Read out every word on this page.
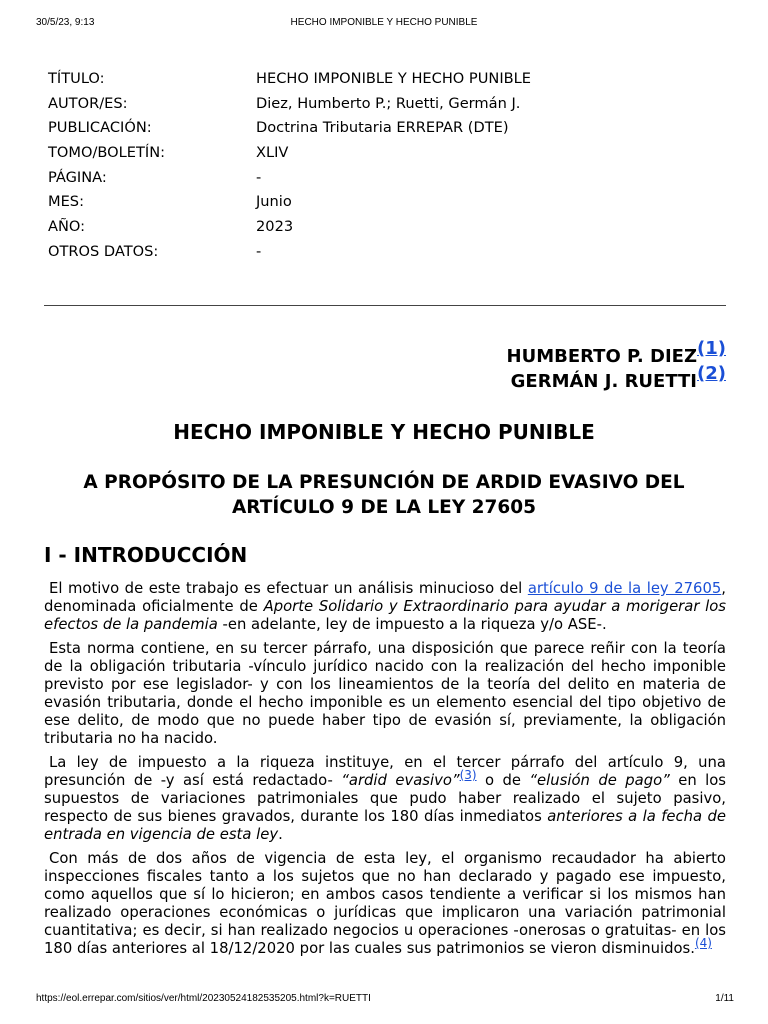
30/5/23, 9:13	HECHO IMPONIBLE Y HECHO PUNIBLE
TÍTULO:	HECHO IMPONIBLE Y HECHO PUNIBLE
AUTOR/ES:	Diez, Humberto P.; Ruetti, Germán J.
PUBLICACIÓN:	Doctrina Tributaria ERREPAR (DTE)
TOMO/BOLETÍN:	XLIV
PÁGINA:	-
MES:	Junio
AÑO:	2023
OTROS DATOS:	-
HUMBERTO P. DIEZ(1)
GERMÁN J. RUETTI(2)
HECHO IMPONIBLE Y HECHO PUNIBLE
A PROPÓSITO DE LA PRESUNCIÓN DE ARDID EVASIVO DEL ARTÍCULO 9 DE LA LEY 27605
I - INTRODUCCIÓN

El motivo de este trabajo es efectuar un análisis minucioso del artículo 9 de la ley 27605, denominada oficialmente de Aporte Solidario y Extraordinario para ayudar a morigerar los efectos de la pandemia -en adelante, ley de impuesto a la riqueza y/o ASE-.

Esta norma contiene, en su tercer párrafo, una disposición que parece reñir con la teoría de la obligación tributaria -vínculo jurídico nacido con la realización del hecho imponible previsto por ese legislador- y con los lineamientos de la teoría del delito en materia de evasión tributaria, donde el hecho imponible es un elemento esencial del tipo objetivo de ese delito, de modo que no puede haber tipo de evasión sí, previamente, la obligación tributaria no ha nacido.

La ley de impuesto a la riqueza instituye, en el tercer párrafo del artículo 9, una presunción de -y así está redactado- “ardid evasivo”$^{(3)}$ o de “elusión de pago” en los supuestos de variaciones patrimoniales que pudo haber realizado el sujeto pasivo, respecto de sus bienes gravados, durante los 180 días inmediatos anteriores a la fecha de entrada en vigencia de esta ley.

Con más de dos años de vigencia de esta ley, el organismo recaudador ha abierto inspecciones fiscales tanto a los sujetos que no han declarado y pagado ese impuesto, como aquellos que sí lo hicieron; en ambos casos tendiente a verificar si los mismos han realizado operaciones económicas o jurídicas que implicaron una variación patrimonial cuantitativa; es decir, si han realizado negocios u operaciones -onerosas o gratuitas- en los 180 días anteriores al 18/12/2020 por las cuales sus patrimonios se vieron disminuidos.$^{(4)}$

https://eol.errepar.com/sitios/ver/html/20230524182535205.html?k=RUETTI	1/11
